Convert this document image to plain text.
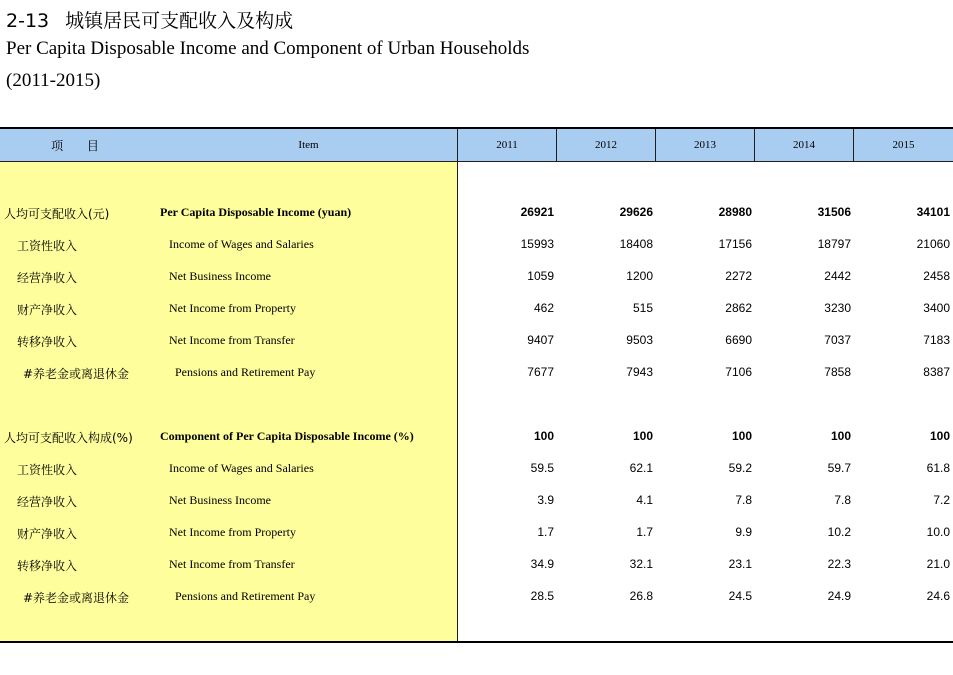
2-13 城镇居民可支配收入及构成
Per Capita Disposable Income and Component of Urban Households
(2011-2015)
项 目	Item	2011	2012	2013	2014	2015
人均可支配收入(元)	Per Capita Disposable Income (yuan)	26921	29626	28980	31506	34101
工资性收入	Income of Wages and Salaries	15993	18408	17156	18797	21060
经营净收入	Net Business Income	1059	1200	2272	2442	2458
财产净收入	Net Income from Property	462	515	2862	3230	3400
转移净收入	Net Income from Transfer	9407	9503	6690	7037	7183
#养老金或离退休金	Pensions and Retirement Pay	7677	7943	7106	7858	8387
人均可支配收入构成(%) Component of Per Capita Disposable Income (%)	100	100	100	100	100
工资性收入	Income of Wages and Salaries	59.5	62.1	59.2	59.7	61.8
经营净收入	Net Business Income	3.9	4.1	7.8	7.8	7.2
财产净收入	Net Income from Property	1.7	1.7	9.9	10.2	10.0
转移净收入	Net Income from Transfer	34.9	32.1	23.1	22.3	21.0
#养老金或离退休金	Pensions and Retirement Pay	28.5	26.8	24.5	24.9	24.6
